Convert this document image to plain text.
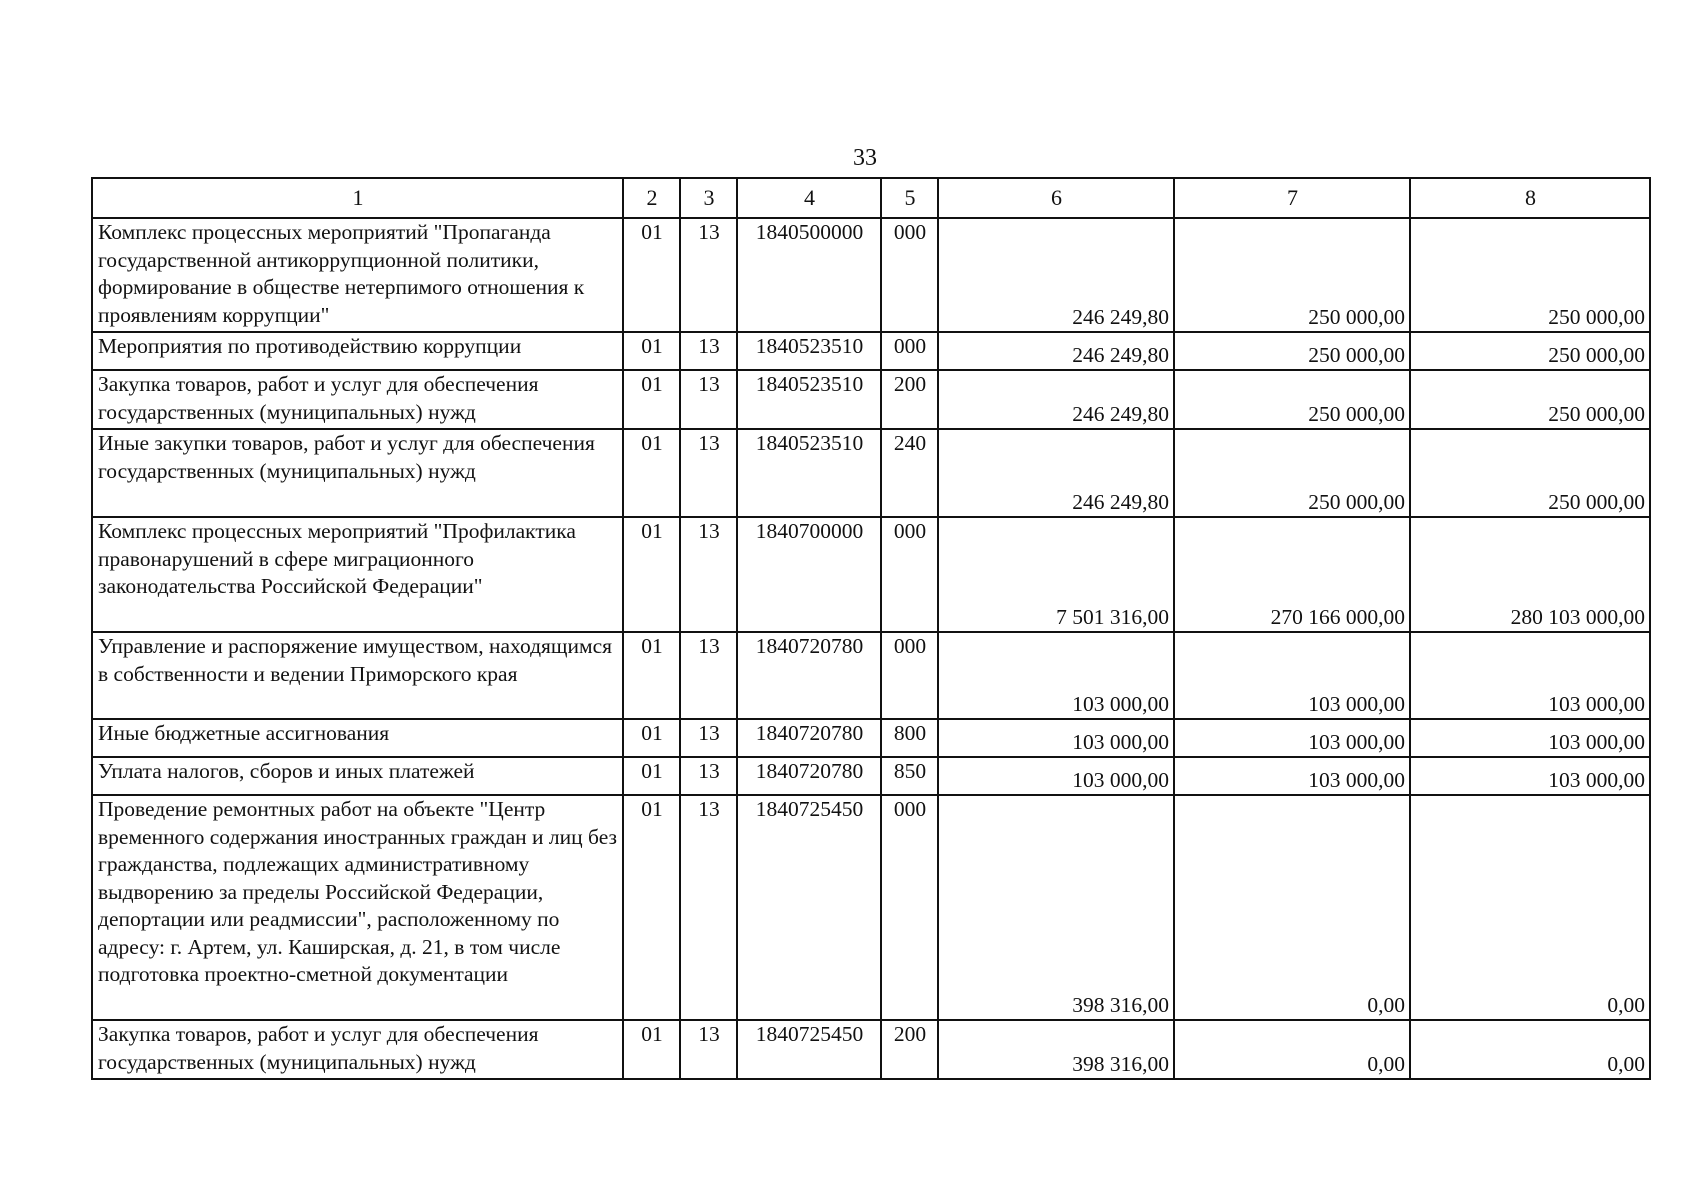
33
1	2	3	4	5	6	7	8
Комплекс процессных мероприятий "Пропаганда государственной антикоррупционной политики, формирование в обществе нетерпимого отношения к проявлениям коррупции"	01	13	1840500000	000	246 249,80	250 000,00	250 000,00
Мероприятия по противодействию коррупции	01	13	1840523510	000	246 249,80	250 000,00	250 000,00
Закупка товаров, работ и услуг для обеспечения государственных (муниципальных) нужд	01	13	1840523510	200	246 249,80	250 000,00	250 000,00
Иные закупки товаров, работ и услуг для обеспечения государственных (муниципальных) нужд	01	13	1840523510	240	246 249,80	250 000,00	250 000,00
Комплекс процессных мероприятий "Профилактика правонарушений в сфере миграционного законодательства Российской Федерации"	01	13	1840700000	000	7 501 316,00	270 166 000,00	280 103 000,00
Управление и распоряжение имуществом, находящимся в собственности и ведении Приморского края	01	13	1840720780	000	103 000,00	103 000,00	103 000,00
Иные бюджетные ассигнования	01	13	1840720780	800	103 000,00	103 000,00	103 000,00
Уплата налогов, сборов и иных платежей	01	13	1840720780	850	103 000,00	103 000,00	103 000,00
Проведение ремонтных работ на объекте "Центр временного содержания иностранных граждан и лиц без гражданства, подлежащих административному выдворению за пределы Российской Федерации, депортации или реадмиссии", расположенному по адресу: г. Артем, ул. Каширская, д. 21, в том числе подготовка проектно-сметной документации	01	13	1840725450	000	398 316,00	0,00	0,00
Закупка товаров, работ и услуг для обеспечения государственных (муниципальных) нужд	01	13	1840725450	200	398 316,00	0,00	0,00
